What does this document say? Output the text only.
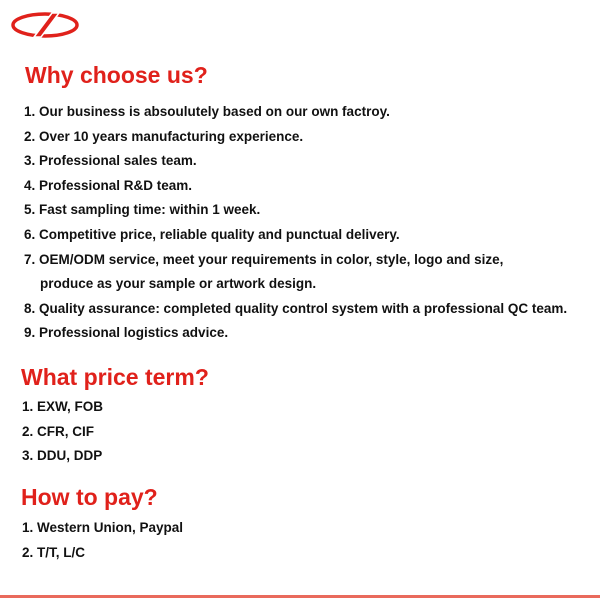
Why choose us?
1. Our business is absoulutely based on our own factroy.
2. Over 10 years manufacturing experience.
3. Professional sales team.
4. Professional R&D team.
5. Fast sampling time: within 1 week.
6. Competitive price, reliable quality and punctual delivery.
7. OEM/ODM service, meet your requirements in color, style, logo and size,
produce as your sample or artwork design.
8. Quality assurance: completed quality control system with a professional QC team.
9. Professional logistics advice.
What price term?
1. EXW, FOB
2. CFR, CIF
3. DDU, DDP
How to pay?
1. Western Union, Paypal
2. T/T, L/C
